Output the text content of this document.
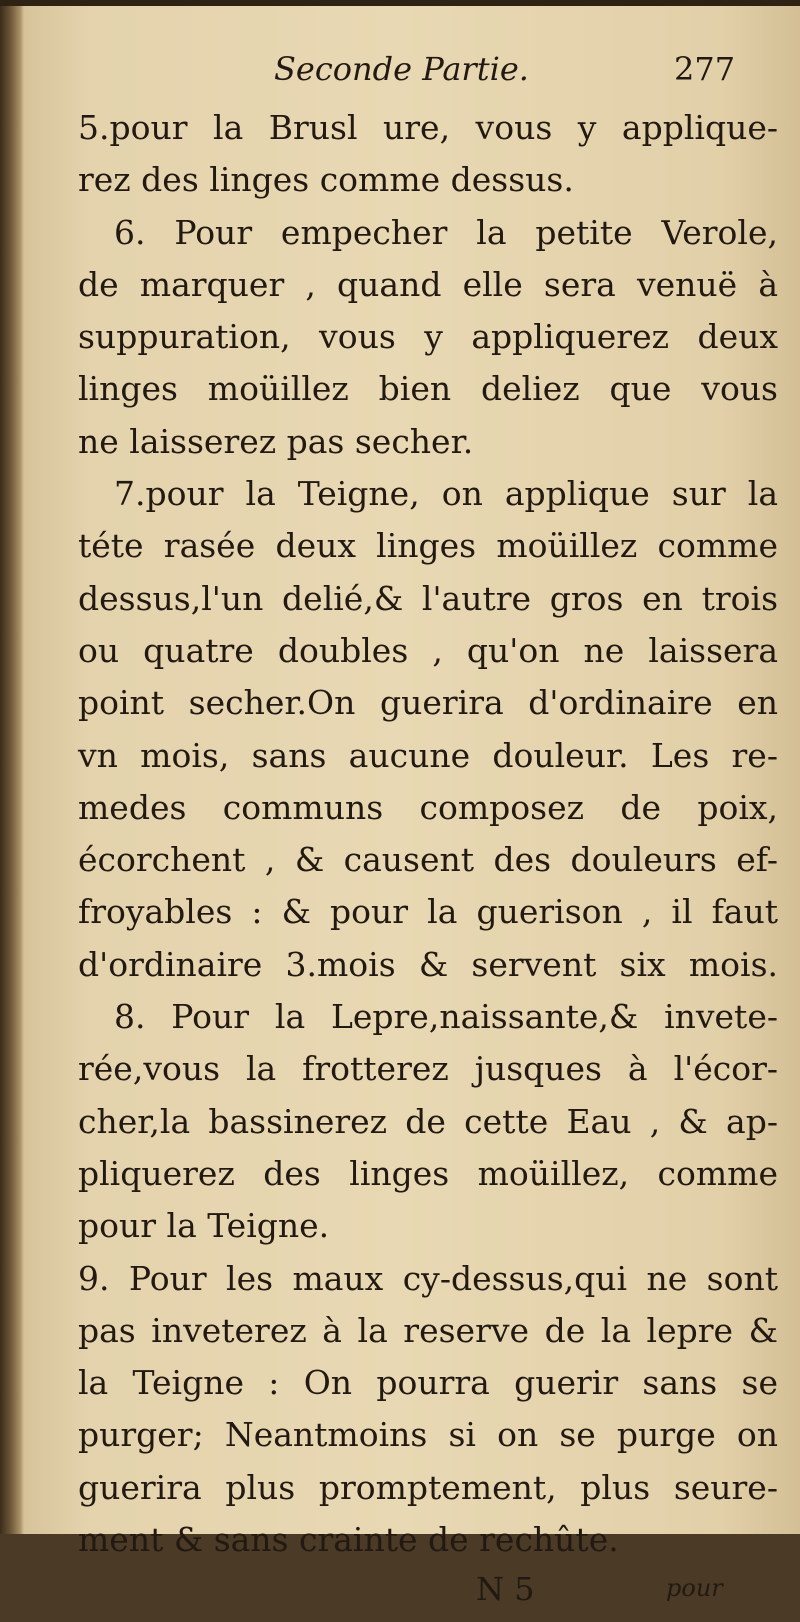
Seconde Partie.	277
5.pour la Brusl ure, vous y applique-
rez des linges comme dessus.
6. Pour empecher la petite Verole,
de marquer , quand elle sera venuë à
suppuration, vous y appliquerez deux
linges moüillez bien deliez que vous
ne laisserez pas secher.
7.pour la Teigne, on applique sur la
téte rasée deux linges moüillez comme
dessus,l'un delié,& l'autre gros en trois
ou quatre doubles , qu'on ne laissera
point secher.On guerira d'ordinaire en
vn mois, sans aucune douleur. Les re-
medes communs composez de poix,
écorchent , & causent des douleurs ef-
froyables : & pour la guerison , il faut
d'ordinaire 3.mois & servent six mois.
8. Pour la Lepre,naissante,& invete-
rée,vous la frotterez jusques à l'écor-
cher,la bassinerez de cette Eau , & ap-
pliquerez des linges moüillez, comme
pour la Teigne.
9. Pour les maux cy-dessus,qui ne sont
pas inveterez à la reserve de la lepre &
la Teigne : On pourra guerir sans se
purger; Neantmoins si on se purge on
guerira plus promptement, plus seure-
ment & sans crainte de rechûte.
N 5	pour
